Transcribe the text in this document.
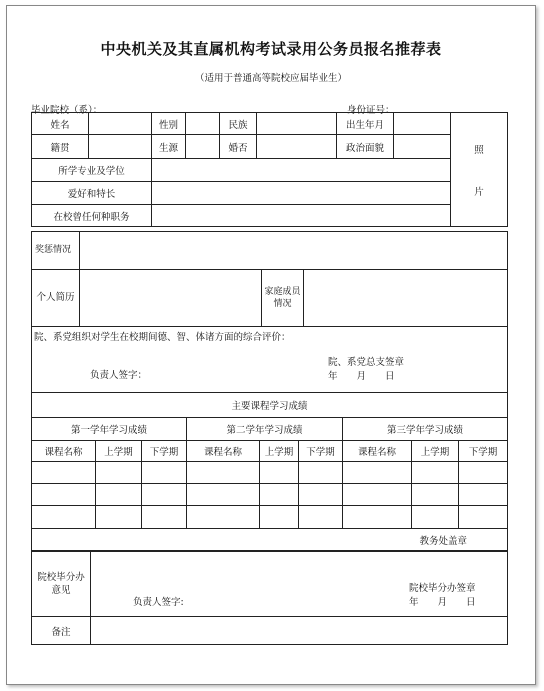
中央机关及其直属机构考试录用公务员报名推荐表
（适用于普通高等院校应届毕业生）
毕业院校（系）：	身份证号：
姓名		性别		民族		出生年月		照
片

籍贯		生源		婚否		政治面貌		
所学专业及学位								
爱好和特长								
在校曾任何种职务								
奖惩情况			
个人简历		家庭成员情况	

院、系党组织对学生在校期间德、智、体诸方面的综合评价：
负责人签字：
院、系党总支签章
年　　月　　日			
主要课程学习成绩								
第一学年学习成绩			第二学年学习成绩			第三学年学习成绩		
课程名称	上学期	下学期	课程名称	上学期	下学期	课程名称	上学期	下学期

教务处盖章								
院校毕分办意见	负责人签字:
院校毕分办签章
年　　月　　日

备注	
